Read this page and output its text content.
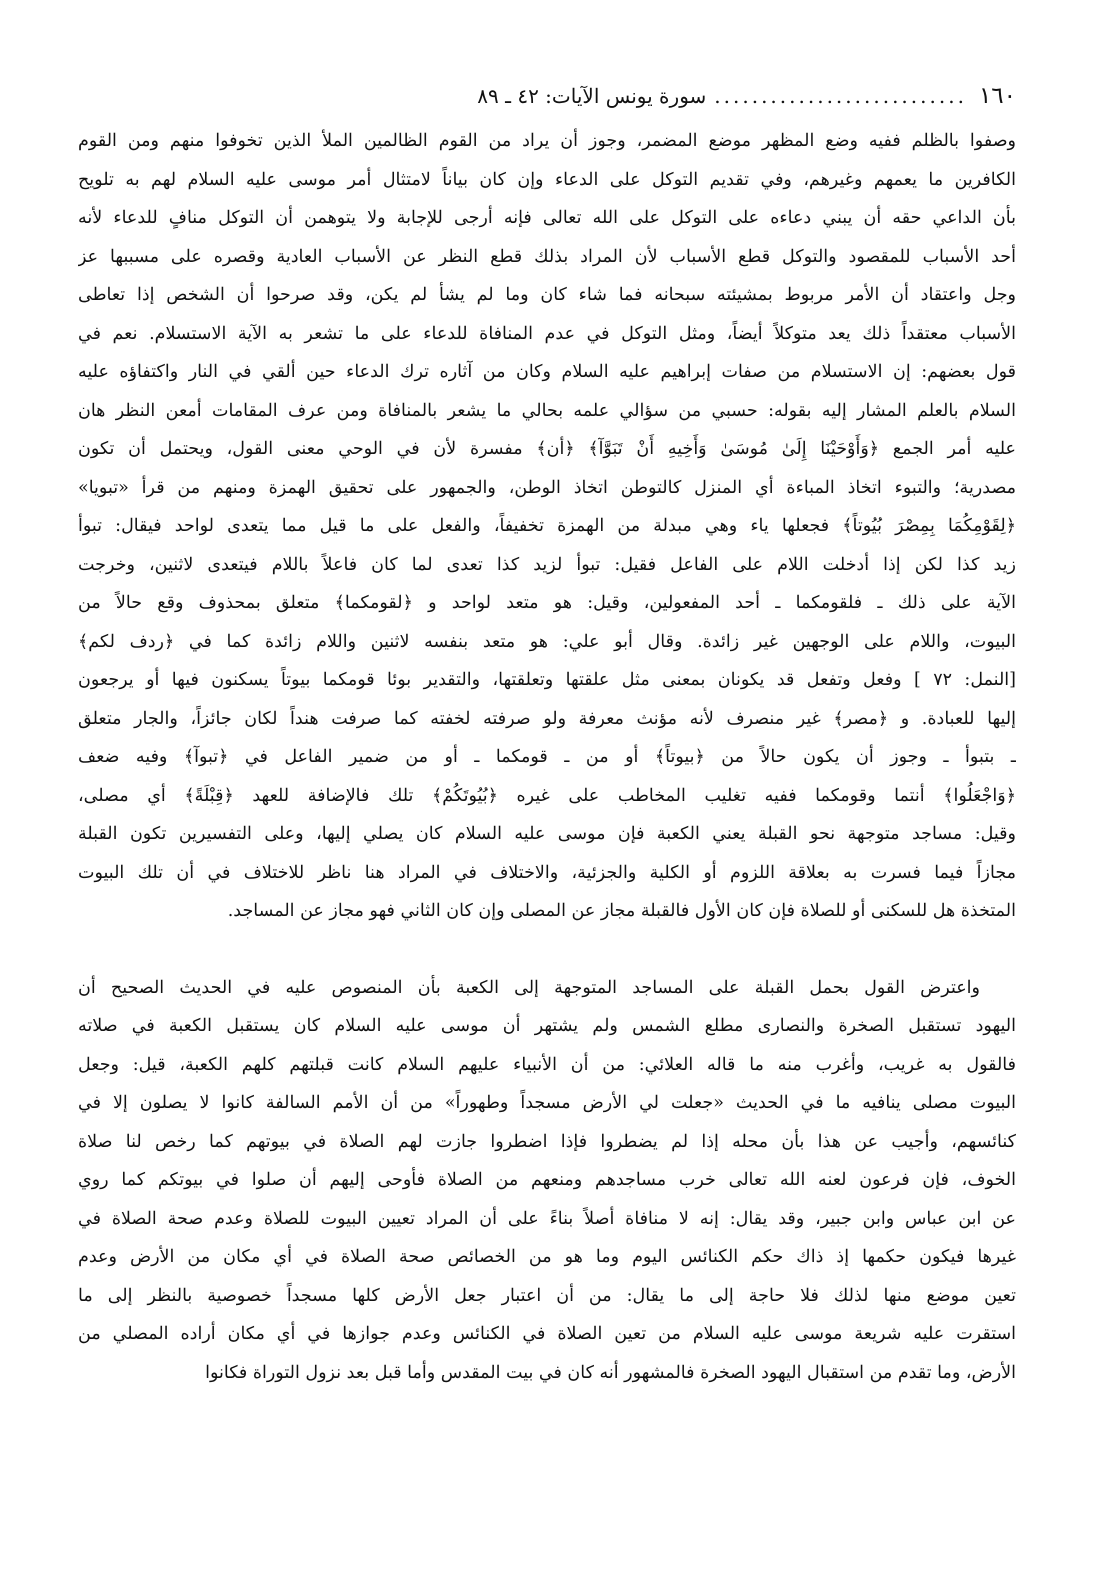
١٦٠
...........................
سورة يونس الآيات: ٤٢ ـ ٨٩
وصفوا بالظلم ففيه وضع المظهر موضع المضمر، وجوز أن يراد من القوم الظالمين الملأ الذين تخوفوا منهم ومن القوم
الكافرين ما يعمهم وغيرهم، وفي تقديم التوكل على الدعاء وإن كان بياناً لامتثال أمر موسى عليه السلام لهم به تلويح
بأن الداعي حقه أن يبني دعاءه على التوكل على الله تعالى فإنه أرجى للإجابة ولا يتوهمن أن التوكل منافٍ للدعاء لأنه
أحد الأسباب للمقصود والتوكل قطع الأسباب لأن المراد بذلك قطع النظر عن الأسباب العادية وقصره على مسببها عز
وجل واعتقاد أن الأمر مربوط بمشيئته سبحانه فما شاء كان وما لم يشأ لم يكن، وقد صرحوا أن الشخص إذا تعاطى
الأسباب معتقداً ذلك يعد متوكلاً أيضاً، ومثل التوكل في عدم المنافاة للدعاء على ما تشعر به الآية الاستسلام. نعم في
قول بعضهم: إن الاستسلام من صفات إبراهيم عليه السلام وكان من آثاره ترك الدعاء حين ألقي في النار واكتفاؤه عليه
السلام بالعلم المشار إليه بقوله: حسبي من سؤالي علمه بحالي ما يشعر بالمنافاة ومن عرف المقامات أمعن النظر هان
عليه أمر الجمع ﴿وَأَوْحَيْنَا إِلَىٰ مُوسَىٰ وَأَخِيهِ أَنْ تَبَوَّآ﴾ ﴿أن﴾ مفسرة لأن في الوحي معنى القول، ويحتمل أن تكون
مصدرية؛ والتبوء اتخاذ المباءة أي المنزل كالتوطن اتخاذ الوطن، والجمهور على تحقيق الهمزة ومنهم من قرأ «تبويا»
﴿لِقَوْمِكُمَا بِمِصْرَ بُيُوتاً﴾ فجعلها ياء وهي مبدلة من الهمزة تخفيفاً، والفعل على ما قيل مما يتعدى لواحد فيقال: تبوأ
زيد كذا لكن إذا أدخلت اللام على الفاعل فقيل: تبوأ لزيد كذا تعدى لما كان فاعلاً باللام فيتعدى لاثنين، وخرجت
الآية على ذلك ـ فلقومكما ـ أحد المفعولين، وقيل: هو متعد لواحد و ﴿لقومكما﴾ متعلق بمحذوف وقع حالاً من
البيوت، واللام على الوجهين غير زائدة. وقال أبو علي: هو متعد بنفسه لاثنين واللام زائدة كما في ﴿ردف لكم﴾
[النمل: ٧٢ ] وفعل وتفعل قد يكونان بمعنى مثل علقتها وتعلقتها، والتقدير بوئا قومكما بيوتاً يسكنون فيها أو يرجعون
إليها للعبادة. و ﴿مصر﴾ غير منصرف لأنه مؤنث معرفة ولو صرفته لخفته كما صرفت هنداً لكان جائزاً، والجار متعلق
ـ بتبوأ ـ وجوز أن يكون حالاً من ﴿بيوتاً﴾ أو من ـ قومكما ـ أو من ضمير الفاعل في ﴿تبوآ﴾ وفيه ضعف
﴿وَاجْعَلُوا﴾ أنتما وقومكما ففيه تغليب المخاطب على غيره ﴿بُيُوتَكُمْ﴾ تلك فالإضافة للعهد ﴿قِبْلَةً﴾ أي مصلى،
وقيل: مساجد متوجهة نحو القبلة يعني الكعبة فإن موسى عليه السلام كان يصلي إليها، وعلى التفسيرين تكون القبلة
مجازاً فيما فسرت به بعلاقة اللزوم أو الكلية والجزئية، والاختلاف في المراد هنا ناظر للاختلاف في أن تلك البيوت
المتخذة هل للسكنى أو للصلاة فإن كان الأول فالقبلة مجاز عن المصلى وإن كان الثاني فهو مجاز عن المساجد.
واعترض القول بحمل القبلة على المساجد المتوجهة إلى الكعبة بأن المنصوص عليه في الحديث الصحيح أن
اليهود تستقبل الصخرة والنصارى مطلع الشمس ولم يشتهر أن موسى عليه السلام كان يستقبل الكعبة في صلاته
فالقول به غريب، وأغرب منه ما قاله العلائي: من أن الأنبياء عليهم السلام كانت قبلتهم كلهم الكعبة، قيل: وجعل
البيوت مصلى ينافيه ما في الحديث «جعلت لي الأرض مسجداً وطهوراً» من أن الأمم السالفة كانوا لا يصلون إلا في
كنائسهم، وأجيب عن هذا بأن محله إذا لم يضطروا فإذا اضطروا جازت لهم الصلاة في بيوتهم كما رخص لنا صلاة
الخوف، فإن فرعون لعنه الله تعالى خرب مساجدهم ومنعهم من الصلاة فأوحى إليهم أن صلوا في بيوتكم كما روي
عن ابن عباس وابن جبير، وقد يقال: إنه لا منافاة أصلاً بناءً على أن المراد تعيين البيوت للصلاة وعدم صحة الصلاة في
غيرها فيكون حكمها إذ ذاك حكم الكنائس اليوم وما هو من الخصائص صحة الصلاة في أي مكان من الأرض وعدم
تعين موضع منها لذلك فلا حاجة إلى ما يقال: من أن اعتبار جعل الأرض كلها مسجداً خصوصية بالنظر إلى ما
استقرت عليه شريعة موسى عليه السلام من تعين الصلاة في الكنائس وعدم جوازها في أي مكان أراده المصلي من
الأرض، وما تقدم من استقبال اليهود الصخرة فالمشهور أنه كان في بيت المقدس وأما قبل بعد نزول التوراة فكانوا
